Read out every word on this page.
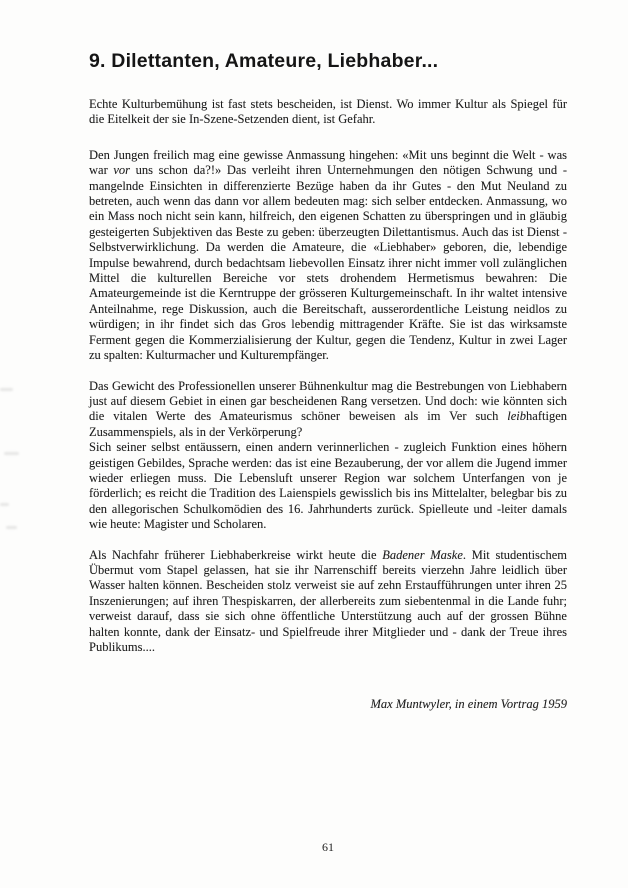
9. Dilettanten, Amateure, Liebhaber...

Echte Kulturbemühung ist fast stets bescheiden, ist Dienst. Wo immer Kultur als Spiegel für die Eitelkeit der sie In-Szene-Setzenden dient, ist Gefahr.

Den Jungen freilich mag eine gewisse Anmassung hingehen: «Mit uns beginnt die Welt - was war vor uns schon da?!» Das verleiht ihren Unternehmungen den nötigen Schwung und - mangelnde Einsichten in differenzierte Bezüge haben da ihr Gutes - den Mut Neuland zu betreten, auch wenn das dann vor allem bedeuten mag: sich selber entdecken. Anmassung, wo ein Mass noch nicht sein kann, hilfreich, den eigenen Schatten zu überspringen und in gläubig gesteigerten Subjektiven das Beste zu geben: überzeugten Dilettantismus. Auch das ist Dienst - Selbstverwirklichung. Da werden die Amateure, die «Liebhaber» geboren, die, lebendige Impulse bewahrend, durch bedachtsam liebevollen Einsatz ihrer nicht immer voll zulänglichen Mittel die kulturellen Bereiche vor stets drohendem Hermetismus bewahren: Die Amateurgemeinde ist die Kerntruppe der grösseren Kulturgemeinschaft. In ihr waltet intensive Anteilnahme, rege Diskussion, auch die Bereitschaft, ausserordentliche Leistung neidlos zu würdigen; in ihr findet sich das Gros lebendig mittragender Kräfte. Sie ist das wirksamste Ferment gegen die Kommerzialisierung der Kultur, gegen die Tendenz, Kultur in zwei Lager zu spalten: Kulturmacher und Kulturempfänger.

Das Gewicht des Professionellen unserer Bühnenkultur mag die Bestrebungen von Liebhabern just auf diesem Gebiet in einen gar bescheidenen Rang versetzen. Und doch: wie könnten sich die vitalen Werte des Amateurismus schöner beweisen als im Ver such leibhaftigen Zusammenspiels, als in der Verkörperung?

Sich seiner selbst entäussern, einen andern verinnerlichen - zugleich Funktion eines höhern geistigen Gebildes, Sprache werden: das ist eine Bezauberung, der vor allem die Jugend immer wieder erliegen muss. Die Lebensluft unserer Region war solchem Unterfangen von je förderlich; es reicht die Tradition des Laienspiels gewisslich bis ins Mittelalter, belegbar bis zu den allegorischen Schulkomödien des 16. Jahrhunderts zurück. Spielleute und -leiter damals wie heute: Magister und Scholaren.

Als Nachfahr früherer Liebhaberkreise wirkt heute die Badener Maske. Mit studentischem Übermut vom Stapel gelassen, hat sie ihr Narrenschiff bereits vierzehn Jahre leidlich über Wasser halten können. Bescheiden stolz verweist sie auf zehn Erstaufführungen unter ihren 25 Inszenierungen; auf ihren Thespiskarren, der allerbereits zum siebentenmal in die Lande fuhr; verweist darauf, dass sie sich ohne öffentliche Unterstützung auch auf der grossen Bühne halten konnte, dank der Einsatz- und Spielfreude ihrer Mitglieder und - dank der Treue ihres Publikums....

Max Muntwyler, in einem Vortrag 1959

61
